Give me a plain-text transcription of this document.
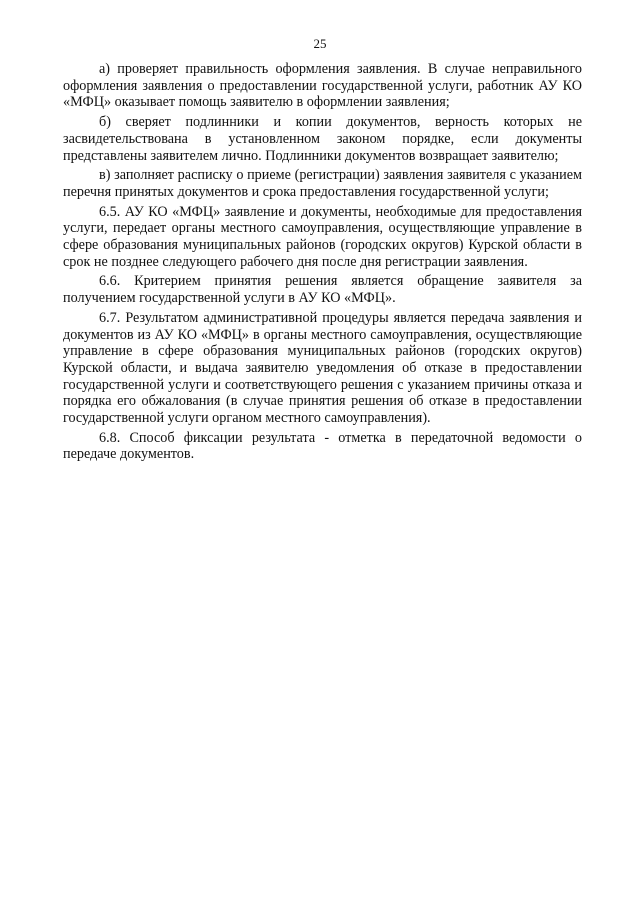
25

а) проверяет правильность оформления заявления. В случае неправильного оформления заявления о предоставлении государственной услуги, работник АУ КО «МФЦ» оказывает помощь заявителю в оформлении заявления;

б) сверяет подлинники и копии документов, верность которых не засвидетельствована в установленном законом порядке, если документы представлены заявителем лично. Подлинники документов возвращает заявителю;

в) заполняет расписку о приеме (регистрации) заявления заявителя с указанием перечня принятых документов и срока предоставления государственной услуги;

6.5. АУ КО «МФЦ» заявление и документы, необходимые для предоставления услуги, передает органы местного самоуправления, осуществляющие управление в сфере образования муниципальных районов (городских округов) Курской области в срок не позднее следующего рабочего дня после дня регистрации заявления.

6.6. Критерием принятия решения является обращение заявителя за получением государственной услуги в АУ КО «МФЦ».

6.7. Результатом административной процедуры является передача заявления и документов из АУ КО «МФЦ» в органы местного самоуправления, осуществляющие управление в сфере образования муниципальных районов (городских округов) Курской области, и выдача заявителю уведомления об отказе в предоставлении государственной услуги и соответствующего решения с указанием причины отказа и порядка его обжалования (в случае принятия решения об отказе в предоставлении государственной услуги органом местного самоуправления).

6.8. Способ фиксации результата - отметка в передаточной ведомости о передаче документов.
